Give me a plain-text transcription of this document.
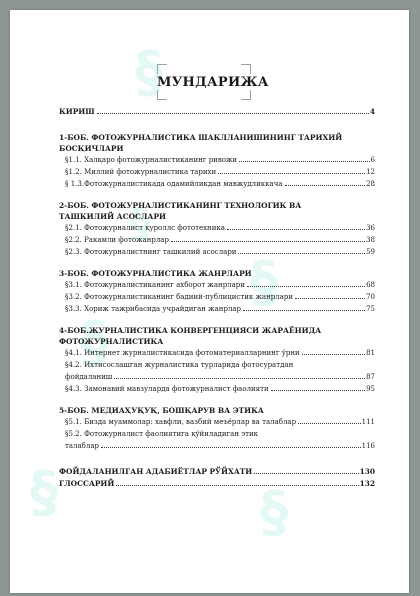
§
§
§
§
§	§
МУНДАРИЖА
КИРИШ	4
1-БОБ. ФОТОЖУРНАЛИСТИКА ШАКЛЛАНИШИНИНГ ТАРИХИЙ
БОСҚИЧЛАРИ
§1.1. Халқаро фотожурналистиканинг ривожи	6
§1.2. Миллий фотожурналистика тарихи	12
§ 1.3.Фотожурналистикада одамийликдан мавжудликкача	28
2-БОБ. ФОТОЖУРНАЛИСТИКАНИНГ ТЕХНОЛОГИК ВА
ТАШКИЛИЙ АСОСЛАРИ
§2.1. Фотожурналист қуроллс фототехника	36
§2.2. Ракамли фотожанрлар	38
§2.3. Фотожурналистнинг ташкилий асослари	59
3-БОБ. ФОТОЖУРНАЛИСТИКА ЖАНРЛАРИ
§3.1. Фотожурналистиканинг ахборот жанрлари	68
§3.2. Фотожурналистиканинг бадиий-публицистик жанрлари	70
§3.3. Хориж тажрибасида учрайдиган жанрлар	75
4-БОБ.ЖУРНАЛИСТИКА КОНВЕРГЕНЦИЯСИ ЖАРАЁНИДА
ФОТОЖУРНАЛИСТИКА
§4.1. Интернет журналистикасида фотоматериалларнинг ўрни	81
§4.2. Ихтисослашган журналистика турларида фотосуратдан
фойдаланиш	87
§4.3. Замонавий мавзуларда фотожурналист фаолияти	95
5-БОБ. МЕДИАҲУҚУҚ, БОШҚАРУВ ВА ЭТИКА
§5.1. Бизда муаммолар: хавфли, вазбий меъёрлар ва талаблар	111
§5.2. Фотожурналист фаолиятига қўйиладиган этик
талаблар	116
ФОЙДАЛАНИЛГАН АДАБИЁТЛАР РЎЙХАТИ	130
ГЛОССАРИЙ	132
